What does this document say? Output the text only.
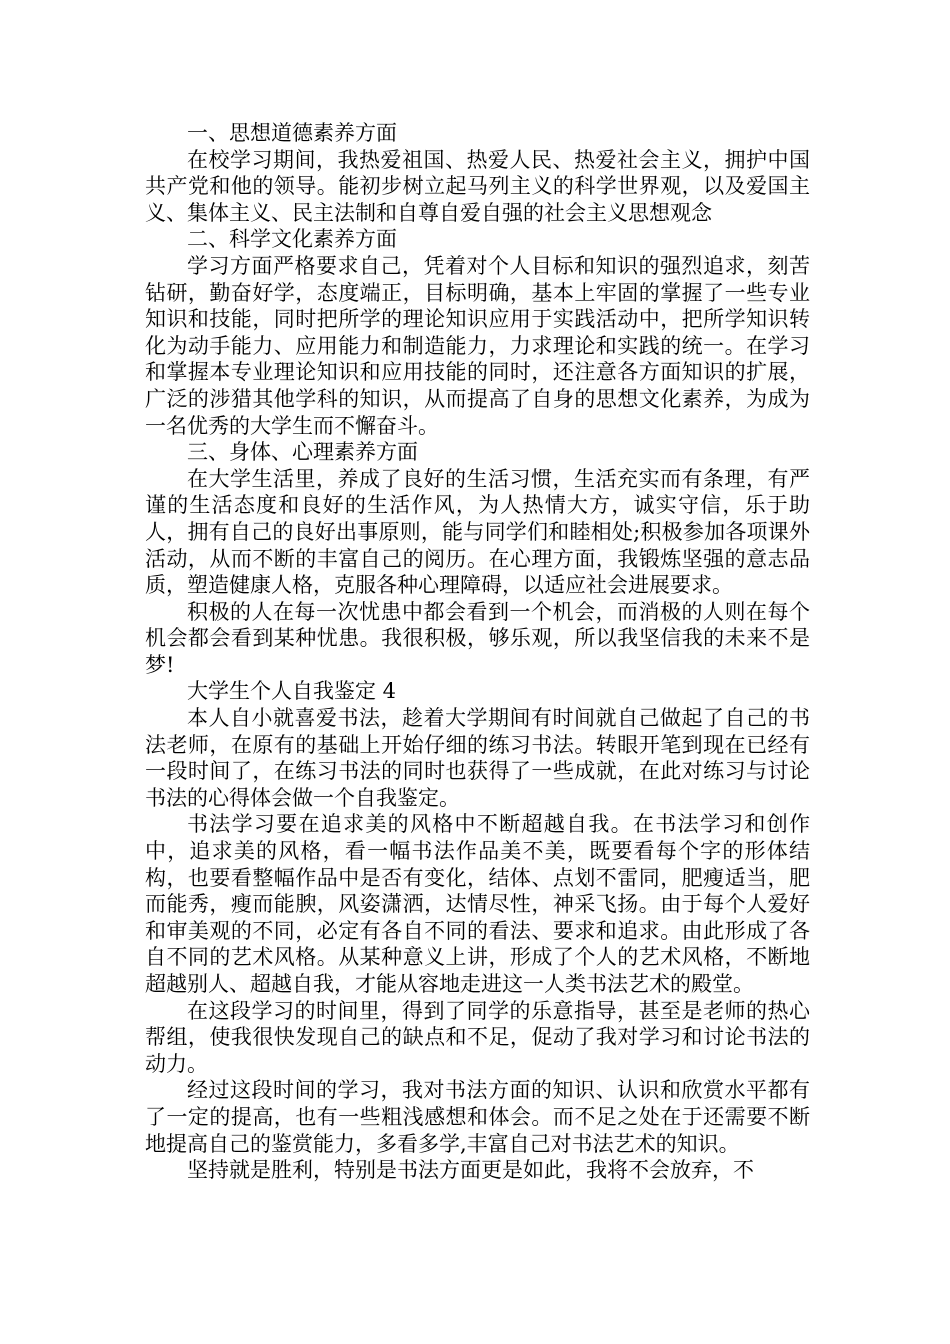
一、思想道德素养方面

在校学习期间，我热爱祖国、热爱人民、热爱社会主义，拥护中国共产党和他的领导。能初步树立起马列主义的科学世界观，以及爱国主义、集体主义、民主法制和自尊自爱自强的社会主义思想观念

二、科学文化素养方面

学习方面严格要求自己，凭着对个人目标和知识的强烈追求，刻苦钻研，勤奋好学，态度端正，目标明确，基本上牢固的掌握了一些专业知识和技能，同时把所学的理论知识应用于实践活动中，把所学知识转化为动手能力、应用能力和制造能力，力求理论和实践的统一。在学习和掌握本专业理论知识和应用技能的同时，还注意各方面知识的扩展，广泛的涉猎其他学科的知识，从而提高了自身的思想文化素养，为成为一名优秀的大学生而不懈奋斗。

三、身体、心理素养方面

在大学生活里，养成了良好的生活习惯，生活充实而有条理，有严谨的生活态度和良好的生活作风，为人热情大方，诚实守信，乐于助人，拥有自己的良好出事原则，能与同学们和睦相处;积极参加各项课外活动，从而不断的丰富自己的阅历。在心理方面，我锻炼坚强的意志品质，塑造健康人格，克服各种心理障碍，以适应社会进展要求。

积极的人在每一次忧患中都会看到一个机会，而消极的人则在每个机会都会看到某种忧患。我很积极，够乐观，所以我坚信我的未来不是梦!

大学生个人自我鉴定 4

本人自小就喜爱书法，趁着大学期间有时间就自己做起了自己的书法老师，在原有的基础上开始仔细的练习书法。转眼开笔到现在已经有一段时间了，在练习书法的同时也获得了一些成就，在此对练习与讨论书法的心得体会做一个自我鉴定。

书法学习要在追求美的风格中不断超越自我。在书法学习和创作中，追求美的风格，看一幅书法作品美不美，既要看每个字的形体结构，也要看整幅作品中是否有变化，结体、点划不雷同，肥瘦适当，肥而能秀，瘦而能腴，风姿潇洒，达情尽性，神采飞扬。由于每个人爱好和审美观的不同，必定有各自不同的看法、要求和追求。由此形成了各自不同的艺术风格。从某种意义上讲，形成了个人的艺术风格，不断地超越别人、超越自我，才能从容地走进这一人类书法艺术的殿堂。

在这段学习的时间里，得到了同学的乐意指导，甚至是老师的热心帮组，使我很快发现自己的缺点和不足，促动了我对学习和讨论书法的动力。

经过这段时间的学习，我对书法方面的知识、认识和欣赏水平都有了一定的提高，也有一些粗浅感想和体会。而不足之处在于还需要不断地提高自己的鉴赏能力，多看多学,丰富自己对书法艺术的知识。

坚持就是胜利，特别是书法方面更是如此，我将不会放弃，不
